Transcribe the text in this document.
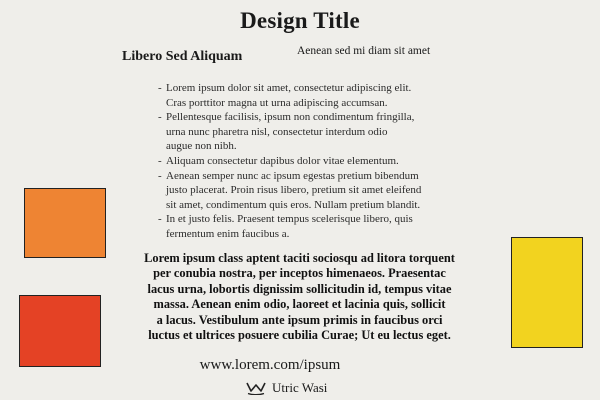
Design Title
Libero Sed Aliquam	Aenean sed mi diam sit amet
- Lorem ipsum dolor sit amet, consectetur adipiscing elit.
Cras porttitor magna ut urna adipiscing accumsan.
- Pellentesque facilisis, ipsum non condimentum fringilla,
urna nunc pharetra nisl, consectetur interdum odio
augue non nibh.
- Aliquam consectetur dapibus dolor vitae elementum.
- Aenean semper nunc ac ipsum egestas pretium bibendum
justo placerat. Proin risus libero, pretium sit amet eleifend
sit amet, condimentum quis eros. Nullam pretium blandit.
- In et justo felis. Praesent tempus scelerisque libero, quis
fermentum enim faucibus a.

Lorem ipsum class aptent taciti sociosqu ad litora torquent
per conubia nostra, per inceptos himenaeos. Praesentac
lacus urna, lobortis dignissim sollicitudin id, tempus vitae
massa. Aenean enim odio, laoreet et lacinia quis, sollicit
a lacus. Vestibulum ante ipsum primis in faucibus orci
luctus et ultrices posuere cubilia Curae; Ut eu lectus eget.

www.lorem.com/ipsum
Utric Wasi
